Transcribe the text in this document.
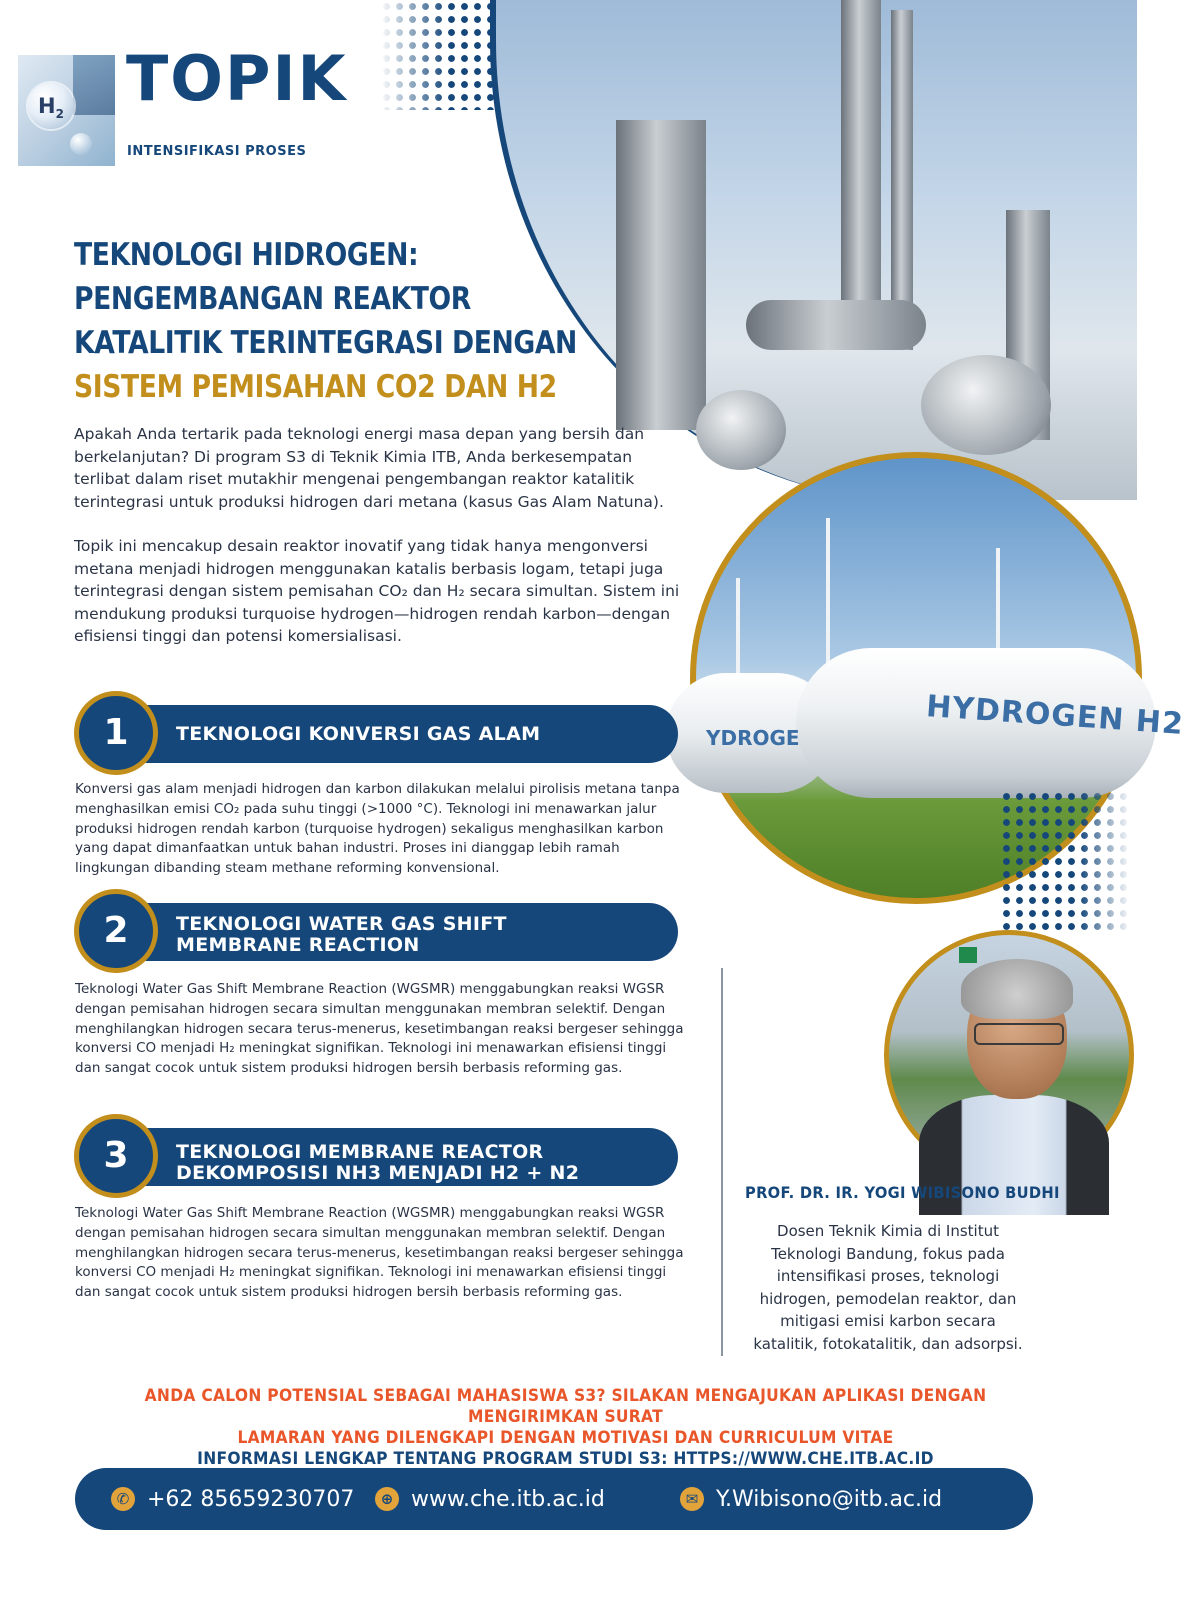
$H_2$ TOPIK
INTENSIFIKASI PROSES
TEKNOLOGI HIDROGEN:
PENGEMBANGAN REAKTOR
KATALITIK TERINTEGRASI DENGAN
SISTEM PEMISAHAN CO2 DAN H2

Apakah Anda tertarik pada teknologi energi masa depan yang bersih dan berkelanjutan? Di program S3 di Teknik Kimia ITB, Anda berkesempatan terlibat dalam riset mutakhir mengenai pengembangan reaktor katalitik terintegrasi untuk produksi hidrogen dari metana (kasus Gas Alam Natuna).

Topik ini mencakup desain reaktor inovatif yang tidak hanya mengonversi metana menjadi hidrogen menggunakan katalis berbasis logam, tetapi juga terintegrasi dengan sistem pemisahan CO₂ dan H₂ secara simultan. Sistem ini mendukung produksi turquoise hydrogen—hidrogen rendah karbon—dengan efisiensi tinggi dan potensi komersialisasi.

HYDROGEN H2
YDROGE
1	TEKNOLOGI KONVERSI GAS ALAM
Konversi gas alam menjadi hidrogen dan karbon dilakukan melalui pirolisis metana tanpa menghasilkan emisi CO₂ pada suhu tinggi (>1000 °C). Teknologi ini menawarkan jalur produksi hidrogen rendah karbon (turquoise hydrogen) sekaligus menghasilkan karbon yang dapat dimanfaatkan untuk bahan industri. Proses ini dianggap lebih ramah lingkungan dibanding steam methane reforming konvensional.
2	TEKNOLOGI WATER GAS SHIFT MEMBRANE REACTION
Teknologi Water Gas Shift Membrane Reaction (WGSMR) menggabungkan reaksi WGSR dengan pemisahan hidrogen secara simultan menggunakan membran selektif. Dengan menghilangkan hidrogen secara terus-menerus, kesetimbangan reaksi bergeser sehingga konversi CO menjadi H₂ meningkat signifikan. Teknologi ini menawarkan efisiensi tinggi dan sangat cocok untuk sistem produksi hidrogen bersih berbasis reforming gas.
3	TEKNOLOGI MEMBRANE REACTOR DEKOMPOSISI NH3 MENJADI H2 + N2
Teknologi Water Gas Shift Membrane Reaction (WGSMR) menggabungkan reaksi WGSR dengan pemisahan hidrogen secara simultan menggunakan membran selektif. Dengan menghilangkan hidrogen secara terus-menerus, kesetimbangan reaksi bergeser sehingga konversi CO menjadi H₂ meningkat signifikan. Teknologi ini menawarkan efisiensi tinggi dan sangat cocok untuk sistem produksi hidrogen bersih berbasis reforming gas.
PROF. DR. IR. YOGI WIBISONO BUDHI
Dosen Teknik Kimia di Institut Teknologi Bandung, fokus pada intensifikasi proses, teknologi hidrogen, pemodelan reaktor, dan mitigasi emisi karbon secara katalitik, fotokatalitik, dan adsorpsi.
ANDA CALON POTENSIAL SEBAGAI MAHASISWA S3? SILAKAN MENGAJUKAN APLIKASI DENGAN MENGIRIMKAN SURAT
LAMARAN YANG DILENGKAPI DENGAN MOTIVASI DAN CURRICULUM VITAE
INFORMASI LENGKAP TENTANG PROGRAM STUDI S3: HTTPS://WWW.CHE.ITB.AC.ID
✆ +62 85659230707	⊕ www.che.itb.ac.id	✉ Y.Wibisono@itb.ac.id
